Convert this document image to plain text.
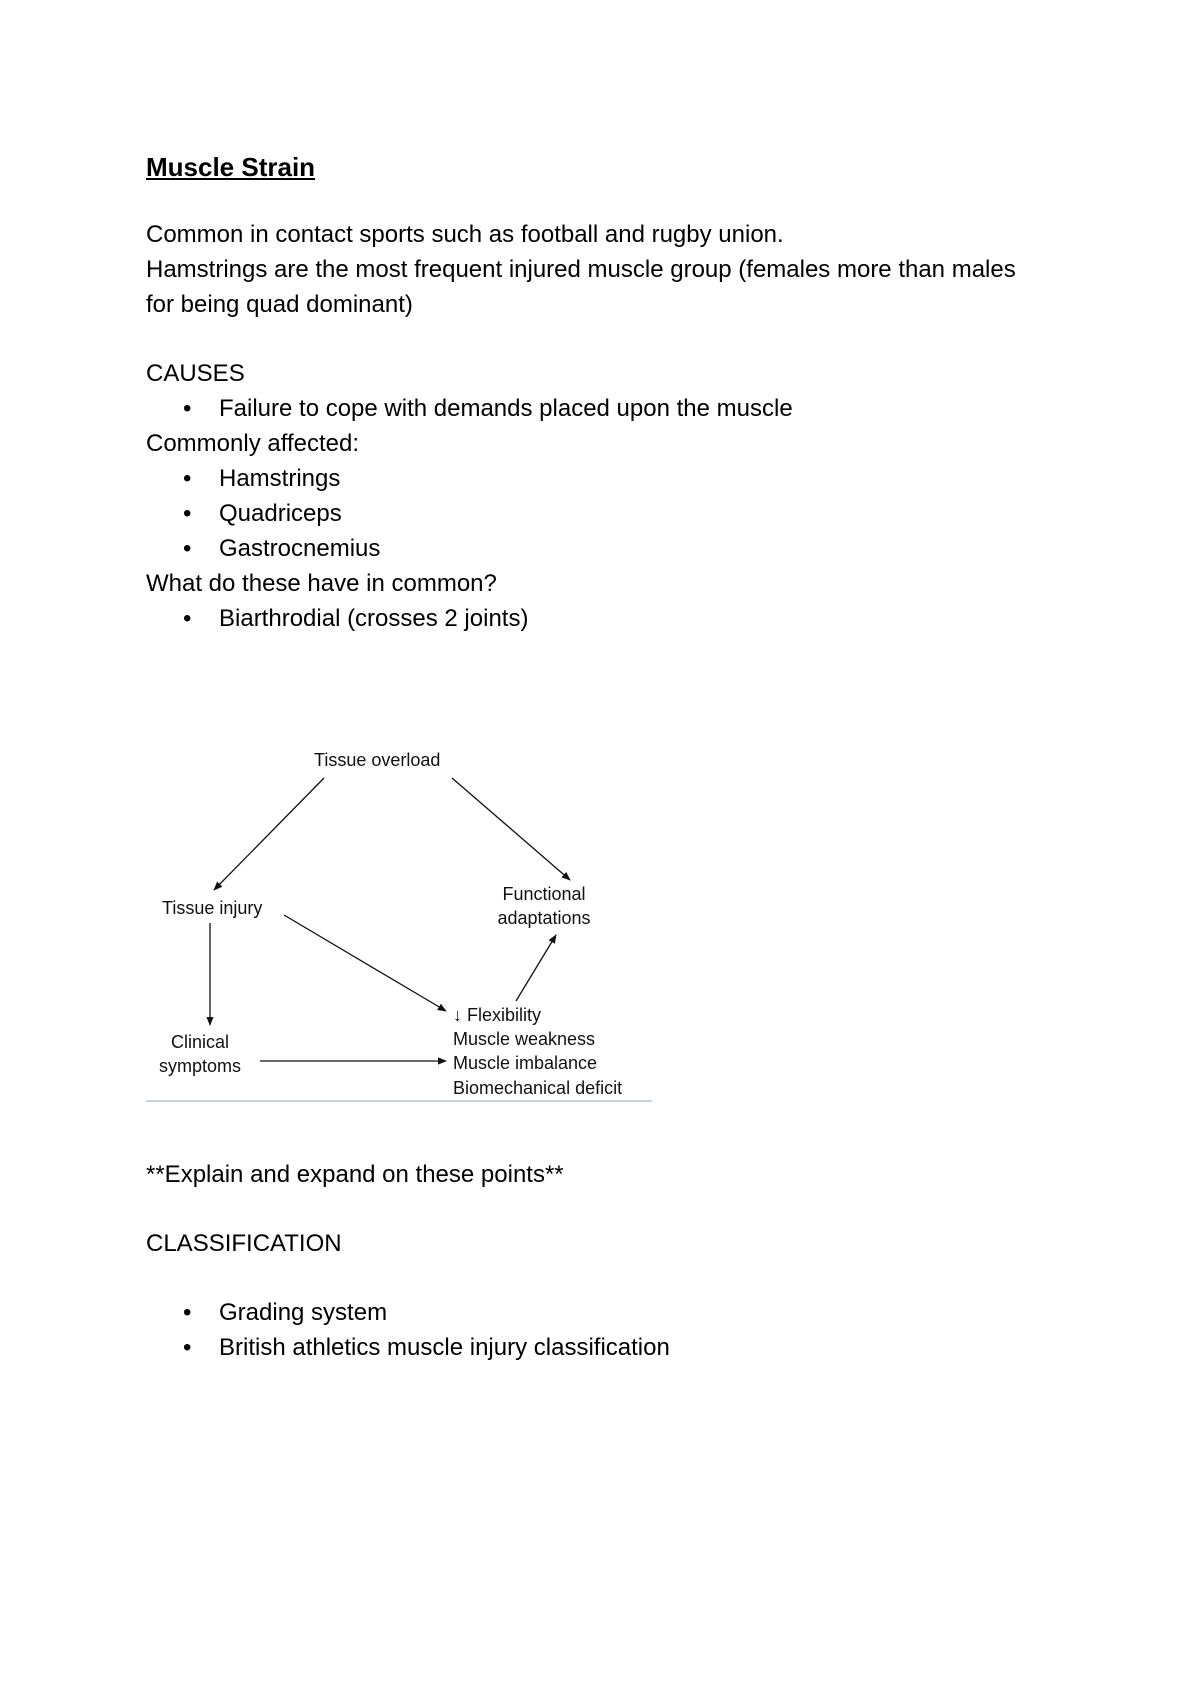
Muscle Strain

Common in contact sports such as football and rugby union.

Hamstrings are the most frequent injured muscle group (females more than males for being quad dominant)

CAUSES

• Failure to cope with demands placed upon the muscle

Commonly affected:

• Hamstrings
• Quadriceps
• Gastrocnemius

What do these have in common?

• Biarthrodial (crosses 2 joints)
Tissue overload
Tissue injury
Functional
adaptations
Clinical
symptoms
↓ Flexibility
Muscle weakness
Muscle imbalance
Biomechanical deficit

**Explain and expand on these points**

CLASSIFICATION

• Grading system
• British athletics muscle injury classification
